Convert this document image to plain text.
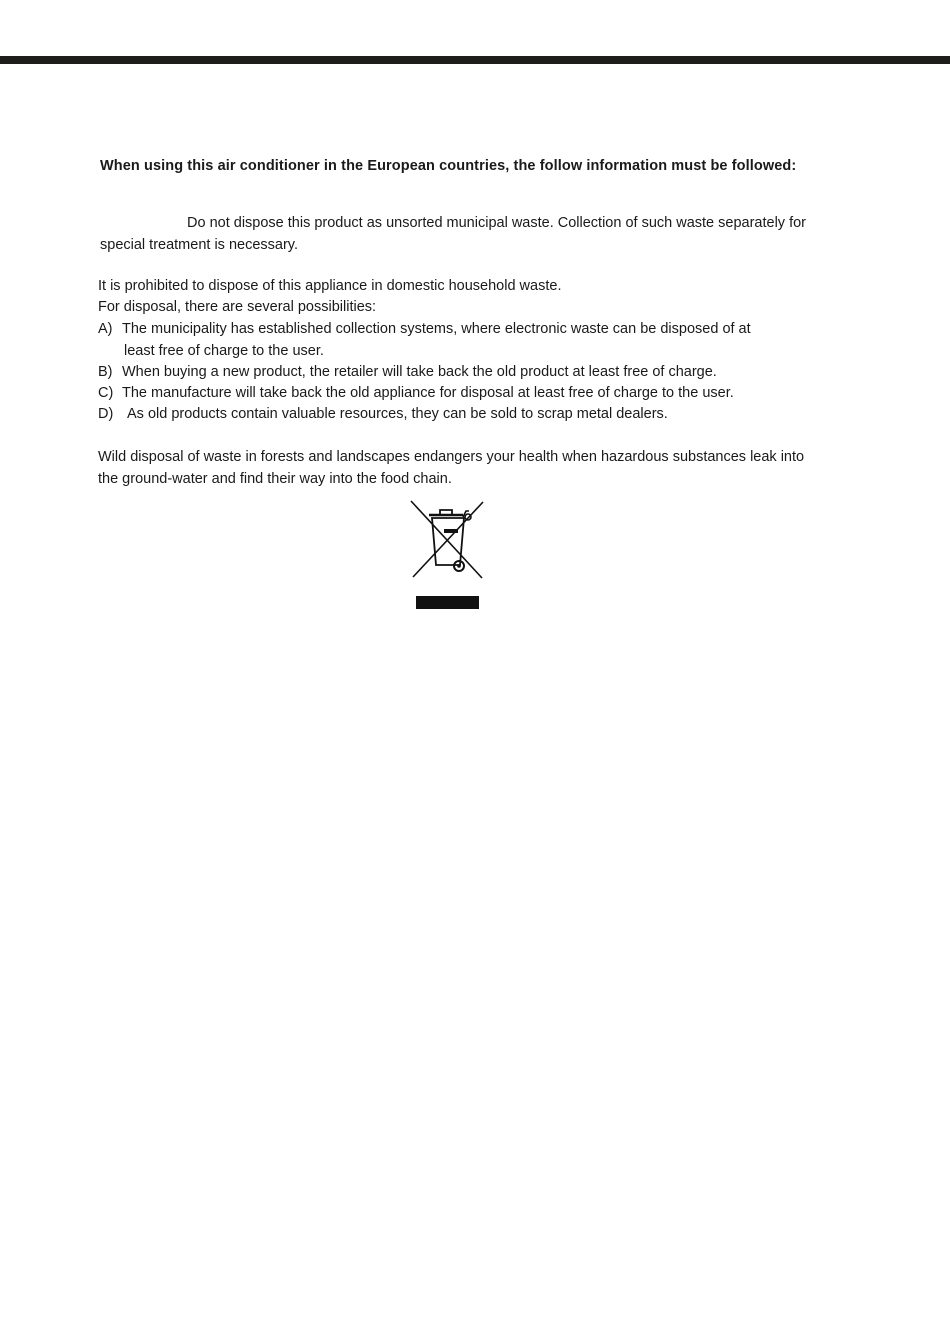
When using this air conditioner in the European countries, the follow information must be followed:
Do not dispose this product as unsorted municipal waste. Collection of such waste separately for special treatment is necessary.
It is prohibited to dispose of this appliance in domestic household waste.
For disposal, there are several possibilities:
A) The municipality has established collection systems, where electronic waste can be disposed of at
least free of charge to the user.
B) When buying a new product, the retailer will take back the old product at least free of charge.
C) The manufacture will take back the old appliance for disposal at least free of charge to the user.
D) As old products contain valuable resources, they can be sold to scrap metal dealers.
Wild disposal of waste in forests and landscapes endangers your health when hazardous substances leak into the ground-water and find their way into the food chain.
